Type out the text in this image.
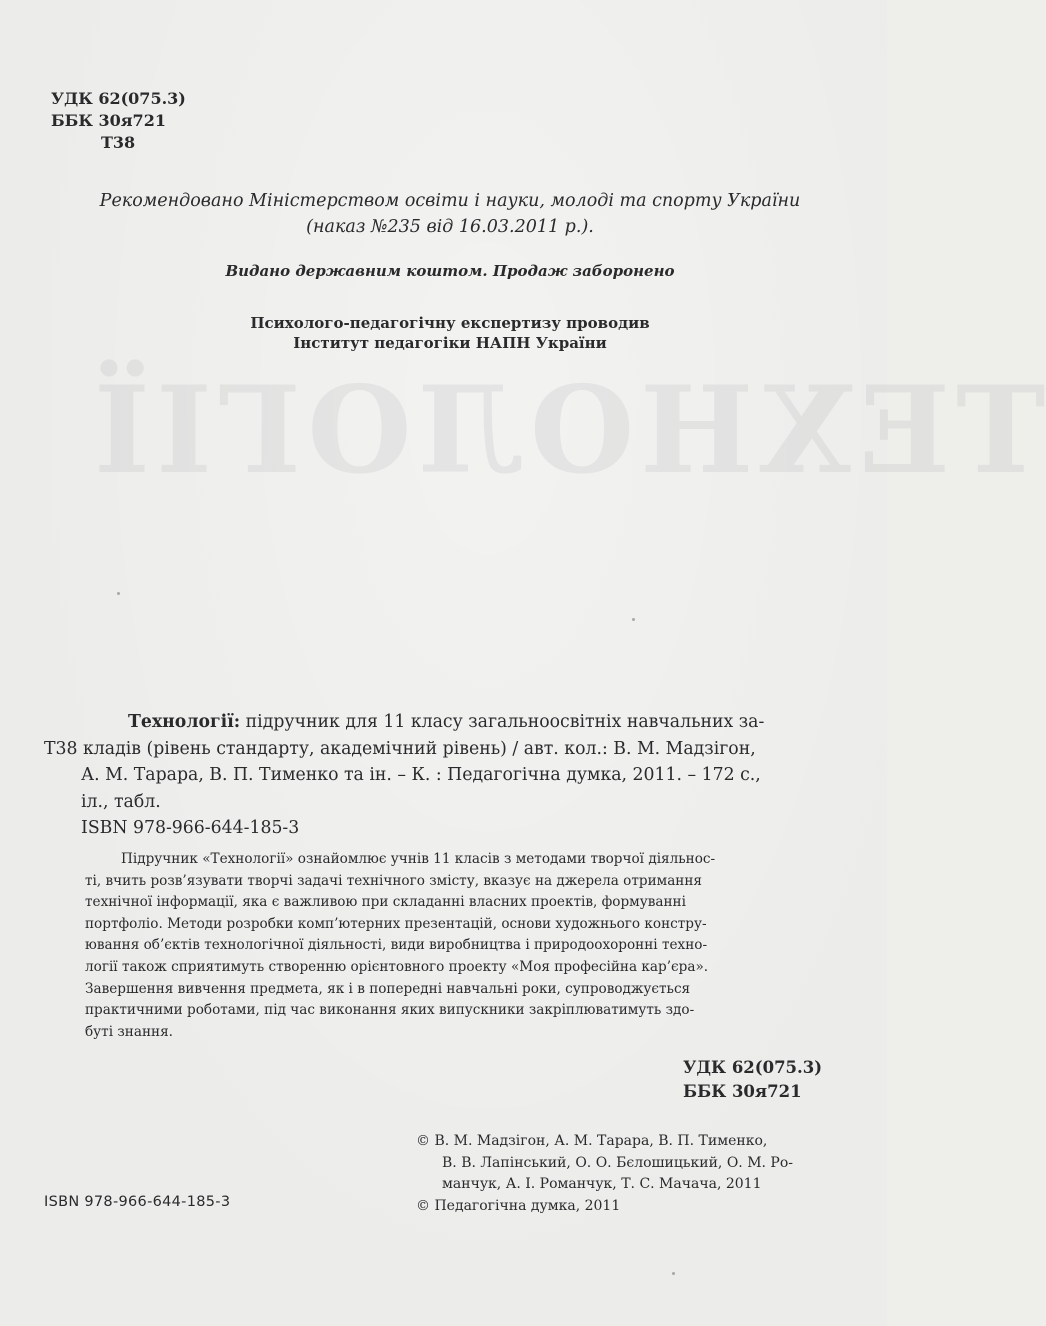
ТЕХНОЛОГІЇ
УДК 62(075.3)
ББК 30я721
Т38
Рекомендовано Міністерством освіти і науки, молоді та спорту України
(наказ №235 від 16.03.2011 р.).
Видано державним коштом. Продаж заборонено
Психолого-педагогічну експертизу проводив
Інститут педагогіки НАПН України
Технології: підручник для 11 класу загальноосвітніх навчальних за-
Т38 кладів (рівень стандарту, академічний рівень) / авт. кол.: В. М. Мадзігон,
А. М. Тарара, В. П. Тименко та ін. – К. : Педагогічна думка, 2011. – 172 с.,
іл., табл.
ISBN 978-966-644-185-3
Підручник «Технології» ознайомлює учнів 11 класів з методами творчої діяльнос-
ті, вчить розв’язувати творчі задачі технічного змісту, вказує на джерела отримання
технічної інформації, яка є важливою при складанні власних проектів, формуванні
портфоліо. Методи розробки комп’ютерних презентацій, основи художнього констру-
ювання об’єктів технологічної діяльності, види виробництва і природоохоронні техно-
логії також сприятимуть створенню орієнтовного проекту «Моя професійна кар’єра».
Завершення вивчення предмета, як і в попередні навчальні роки, супроводжується
практичними роботами, під час виконання яких випускники закріплюватимуть здо-
буті знання.
УДК 62(075.3)
ББК 30я721
© В. М. Мадзігон, А. М. Тарара, В. П. Тименко,
В. В. Лапінський, О. О. Бєлошицький, О. М. Ро-
манчук, А. І. Романчук, Т. С. Мачача, 2011
© Педагогічна думка, 2011
ISBN 978-966-644-185-3
